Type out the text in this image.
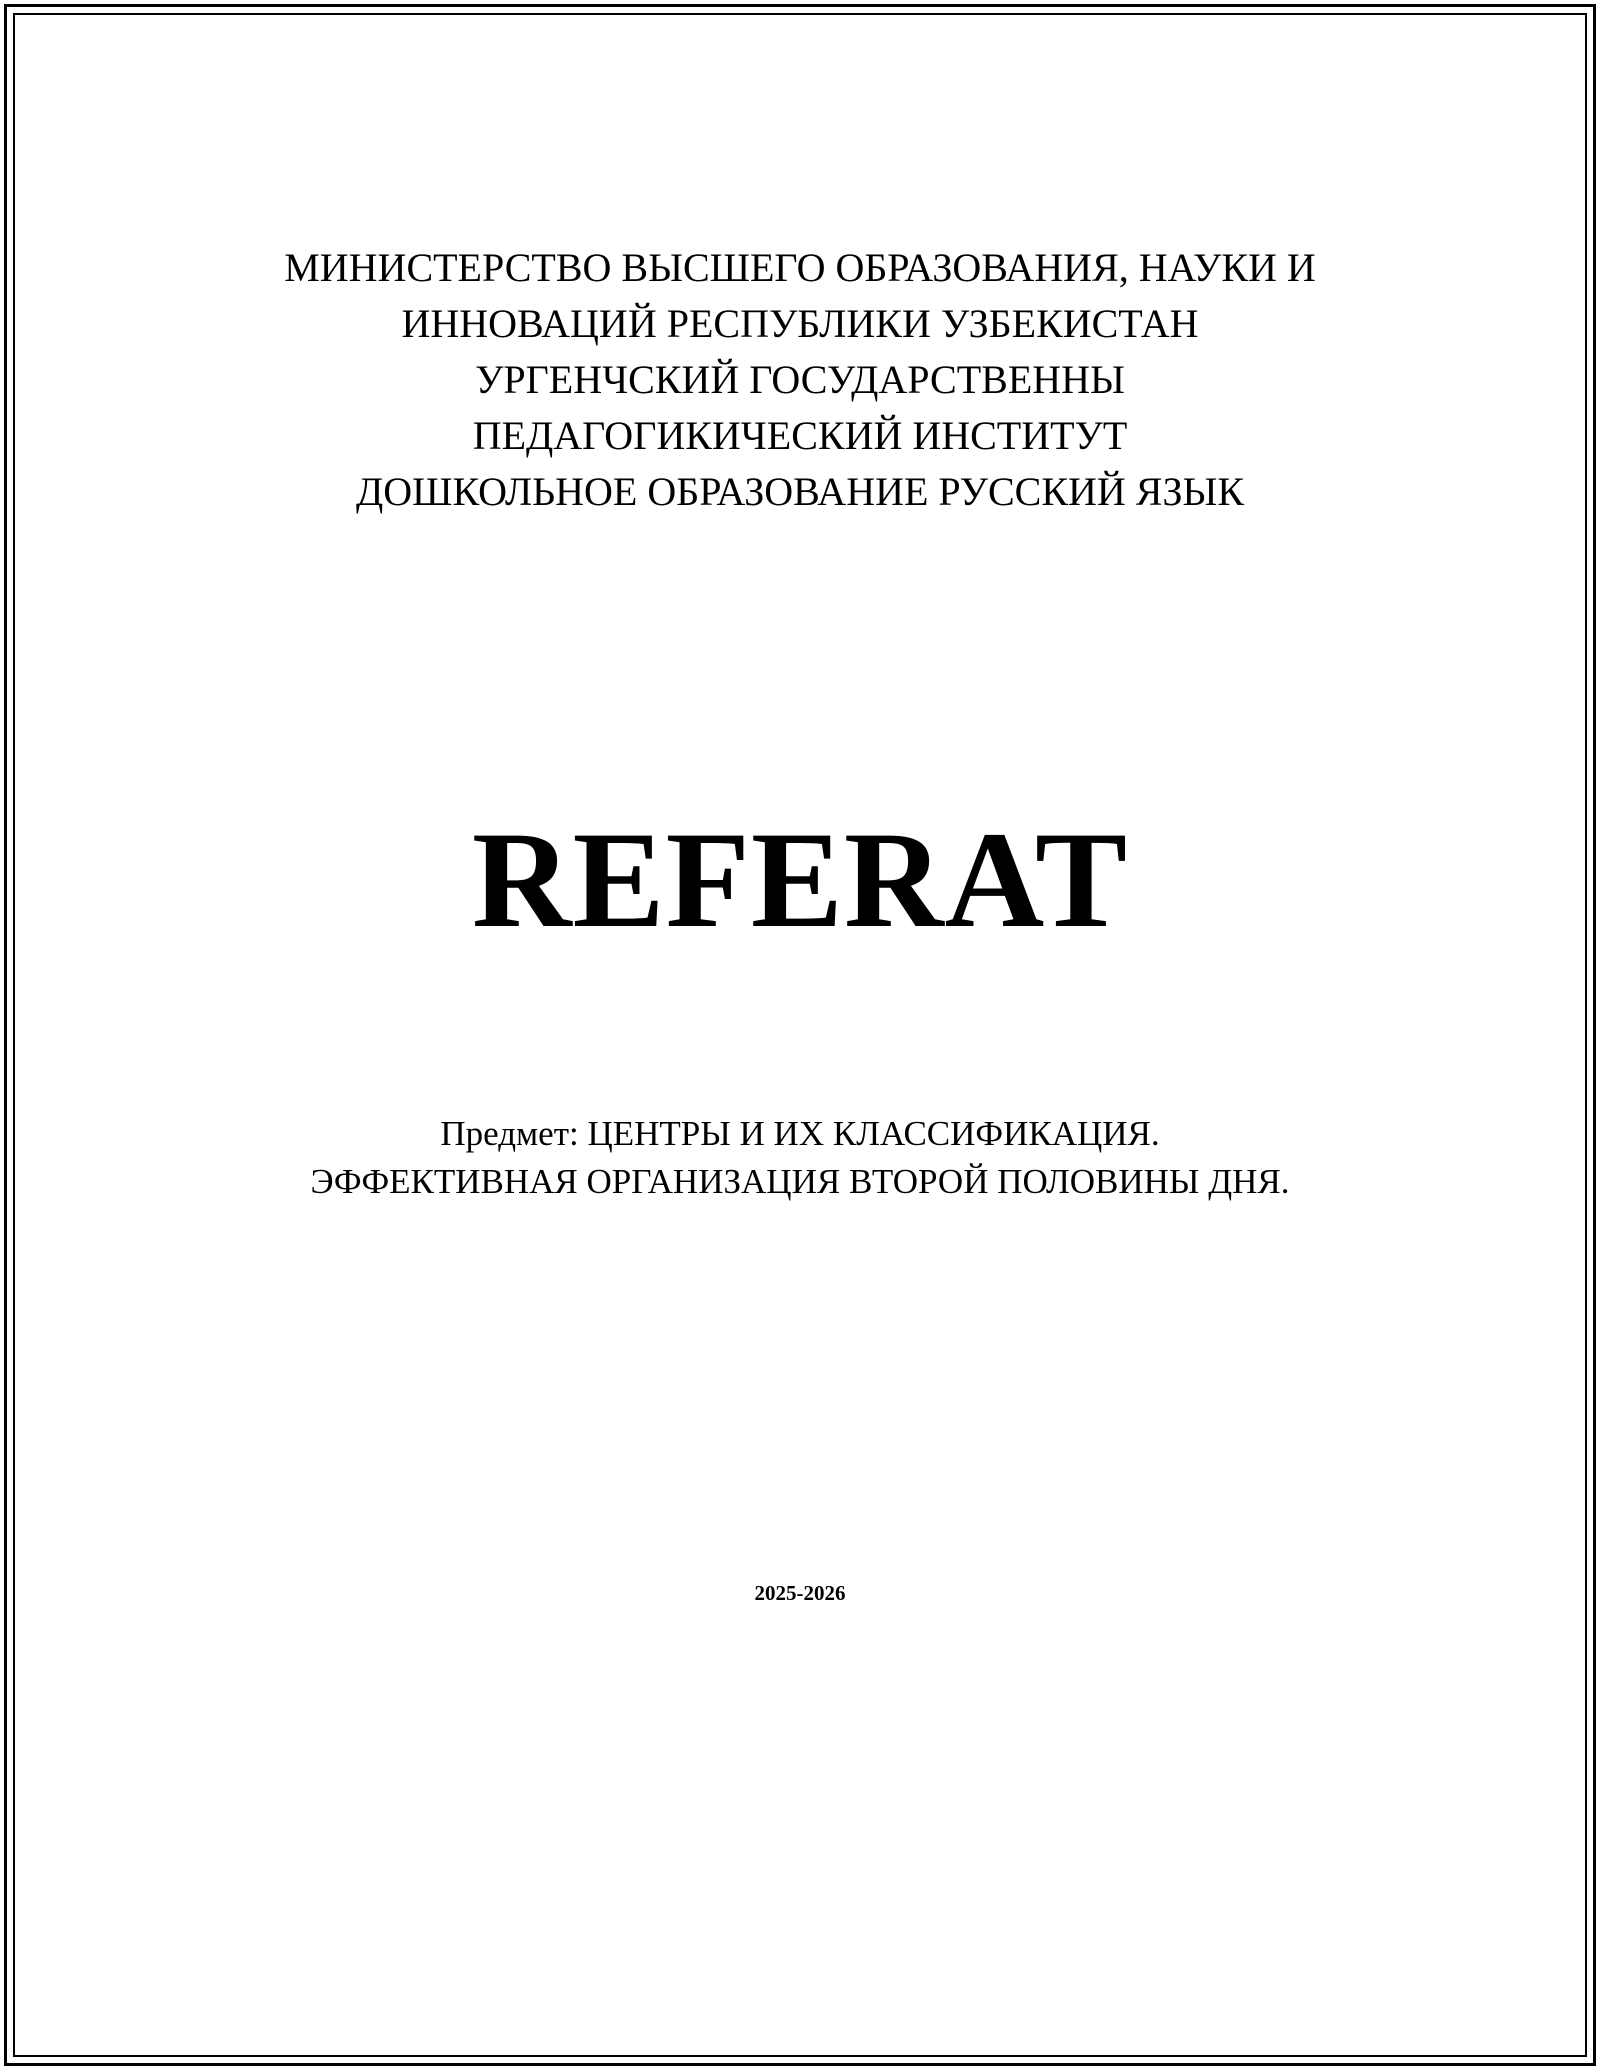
МИНИСТЕРСТВО ВЫСШЕГО ОБРАЗОВАНИЯ, НАУКИ И
ИННОВАЦИЙ РЕСПУБЛИКИ УЗБЕКИСТАН
УРГЕНЧСКИЙ ГОСУДАРСТВЕННЫ
ПЕДАГОГИКИЧЕСКИЙ ИНСТИТУТ
ДОШКОЛЬНОЕ ОБРАЗОВАНИЕ РУССКИЙ ЯЗЫК
REFERAT
Предмет: ЦЕНТРЫ И ИХ КЛАССИФИКАЦИЯ.
ЭФФЕКТИВНАЯ ОРГАНИЗАЦИЯ ВТОРОЙ ПОЛОВИНЫ ДНЯ.
2025-2026
